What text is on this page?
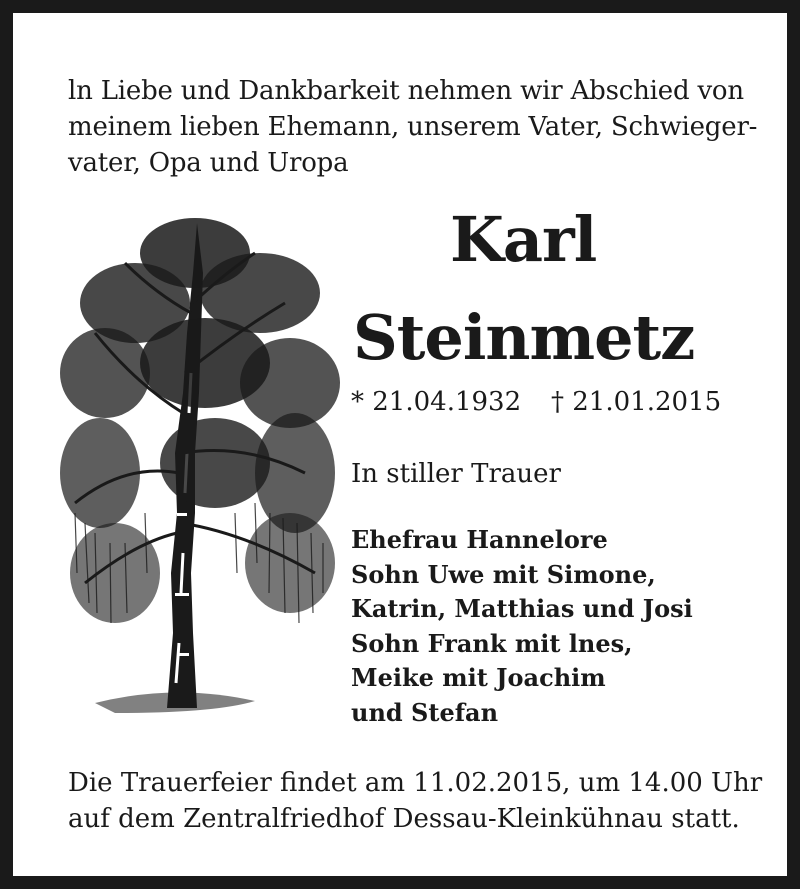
ln Liebe und Dankbarkeit nehmen wir Abschied von
meinem lieben Ehemann, unserem Vater, Schwieger-
vater, Opa und Uropa
Karl
Steinmetz
* 21.04.1932 † 21.01.2015
In stiller Trauer
Ehefrau Hannelore
Sohn Uwe mit Simone,
Katrin, Matthias und Josi
Sohn Frank mit lnes,
Meike mit Joachim
und Stefan
Die Trauerfeier findet am 11.02.2015, um 14.00 Uhr
auf dem Zentralfriedhof Dessau-Kleinkühnau statt.
